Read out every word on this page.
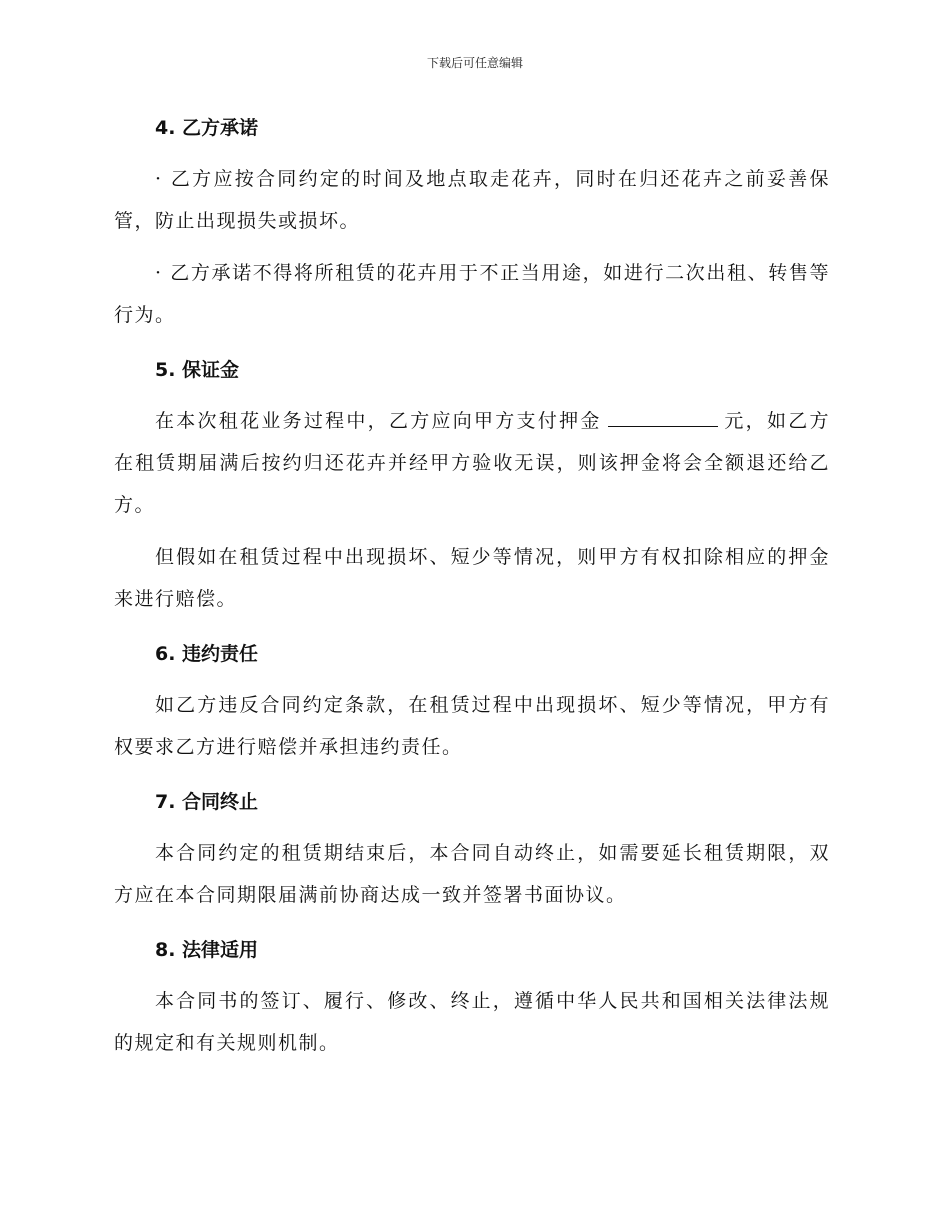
下载后可任意编辑
4. 乙方承诺

· 乙方应按合同约定的时间及地点取走花卉，同时在归还花卉之前妥善保管，防止出现损失或损坏。

· 乙方承诺不得将所租赁的花卉用于不正当用途，如进行二次出租、转售等行为。

5. 保证金

在本次租花业务过程中，乙方应向甲方支付押金	元，如乙方在租赁期届满后按约归还花卉并经甲方验收无误，则该押金将会全额退还给乙方。

但假如在租赁过程中出现损坏、短少等情况，则甲方有权扣除相应的押金来进行赔偿。

6. 违约责任

如乙方违反合同约定条款，在租赁过程中出现损坏、短少等情况，甲方有权要求乙方进行赔偿并承担违约责任。

7. 合同终止

本合同约定的租赁期结束后，本合同自动终止，如需要延长租赁期限，双方应在本合同期限届满前协商达成一致并签署书面协议。

8. 法律适用

本合同书的签订、履行、修改、终止，遵循中华人民共和国相关法律法规的规定和有关规则机制。
